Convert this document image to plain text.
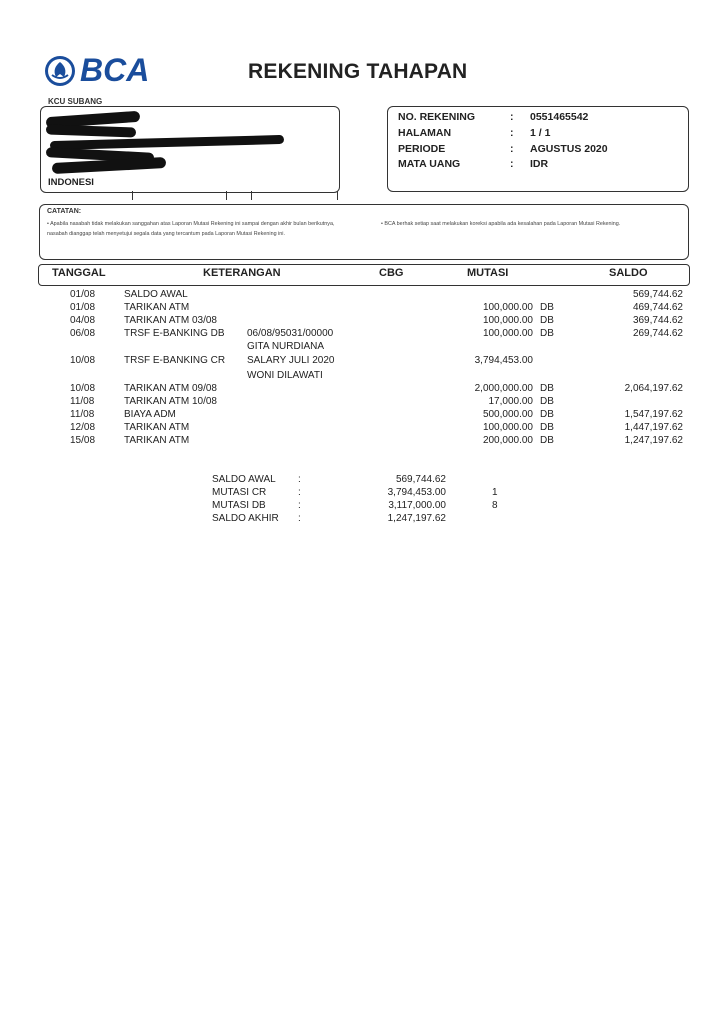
BCA	REKENING TAHAPAN
KCU SUBANG
INDONESI
NO. REKENING	: 0551465542
HALAMAN	: 1 / 1
PERIODE	: AGUSTUS 2020
MATA UANG	: IDR
CATATAN:
• Apabila nasabah tidak melakukan sanggahan atas Laporan Mutasi Rekening ini sampai dengan akhir bulan berikutnya, nasabah dianggap telah menyetujui segala data yang tercantum pada Laporan Mutasi Rekening ini.
• BCA berhak setiap saat melakukan koreksi apabila ada kesalahan pada Laporan Mutasi Rekening.
TANGGAL	KETERANGAN	CBG	MUTASI	SALDO
01/08	SALDO AWAL	569,744.62
01/08	TARIKAN ATM	100,000.00 DB	469,744.62
04/08	TARIKAN ATM 03/08	100,000.00 DB	369,744.62
06/08	TRSF E-BANKING DB 06/08/95031/00000	100,000.00 DB	269,744.62
GITA NURDIANA
10/08	TRSF E-BANKING CR SALARY JULI 2020	3,794,453.00
WONI DILAWATI
10/08	TARIKAN ATM 09/08	2,000,000.00 DB	2,064,197.62
11/08	TARIKAN ATM 10/08	17,000.00 DB
11/08	BIAYA ADM	500,000.00 DB	1,547,197.62
12/08	TARIKAN ATM	100,000.00 DB	1,447,197.62
15/08	TARIKAN ATM	200,000.00 DB	1,247,197.62
SALDO AWAL :	569,744.62
MUTASI CR	:	3,794,453.00	1
MUTASI DB	:	3,117,000.00	8
SALDO AKHIR :	1,247,197.62
